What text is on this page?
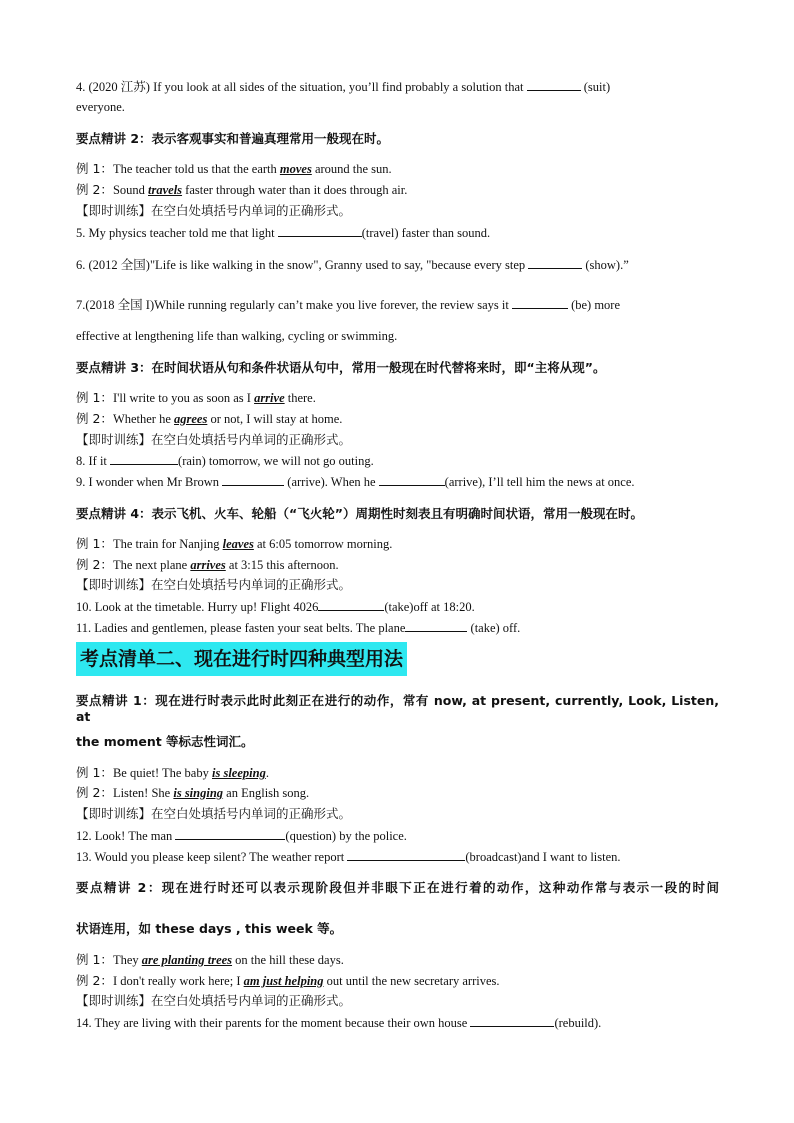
4. (2020 江苏) If you look at all sides of the situation, you’ll find probably a solution that	(suit)
everyone.
要点精讲 2：表示客观事实和普遍真理常用一般现在时。
例 1：The teacher told us that the earth moves around the sun.
例 2：Sound travels faster through water than it does through air.
【即时训练】在空白处填括号内单词的正确形式。
5. My physics teacher told me that light	(travel) faster than sound.
6. (2012 全国)"Life is like walking in the snow", Granny used to say, "because every step	(show).”
7.(2018 全国 I)While running regularly can’t make you live forever, the review says it	(be) more
effective at lengthening life than walking, cycling or swimming.
要点精讲 3：在时间状语从句和条件状语从句中，常用一般现在时代替将来时，即“主将从现”。
例 1：I'll write to you as soon as I arrive there.
例 2：Whether he agrees or not, I will stay at home.
【即时训练】在空白处填括号内单词的正确形式。
8. If it	(rain) tomorrow, we will not go outing.
9. I wonder when Mr Brown	(arrive). When he	(arrive), I’ll tell him the news at once.
要点精讲 4：表示飞机、火车、轮船（“飞火轮”）周期性时刻表且有明确时间状语，常用一般现在时。
例 1：The train for Nanjing leaves at 6:05 tomorrow morning.
例 2：The next plane arrives at 3:15 this afternoon.
【即时训练】在空白处填括号内单词的正确形式。
10. Look at the timetable. Hurry up! Flight 4026	(take)off at 18:20.
11. Ladies and gentlemen, please fasten your seat belts. The plane	(take) off.
考点清单二、现在进行时四种典型用法
要点精讲 1：现在进行时表示此时此刻正在进行的动作，常有 now, at present, currently, Look, Listen, at
the moment 等标志性词汇。
例 1：Be quiet! The baby is sleeping.
例 2：Listen! She is singing an English song.
【即时训练】在空白处填括号内单词的正确形式。
12. Look! The man	(question) by the police.
13. Would you please keep silent? The weather report	(broadcast)and I want to listen.
要点精讲 2：现在进行时还可以表示现阶段但并非眼下正在进行着的动作，这种动作常与表示一段的时间
状语连用，如 these days , this week 等。
例 1：They are planting trees on the hill these days.
例 2：I don't really work here; I am just helping out until the new secretary arrives.
【即时训练】在空白处填括号内单词的正确形式。
14. They are living with their parents for the moment because their own house	(rebuild).
